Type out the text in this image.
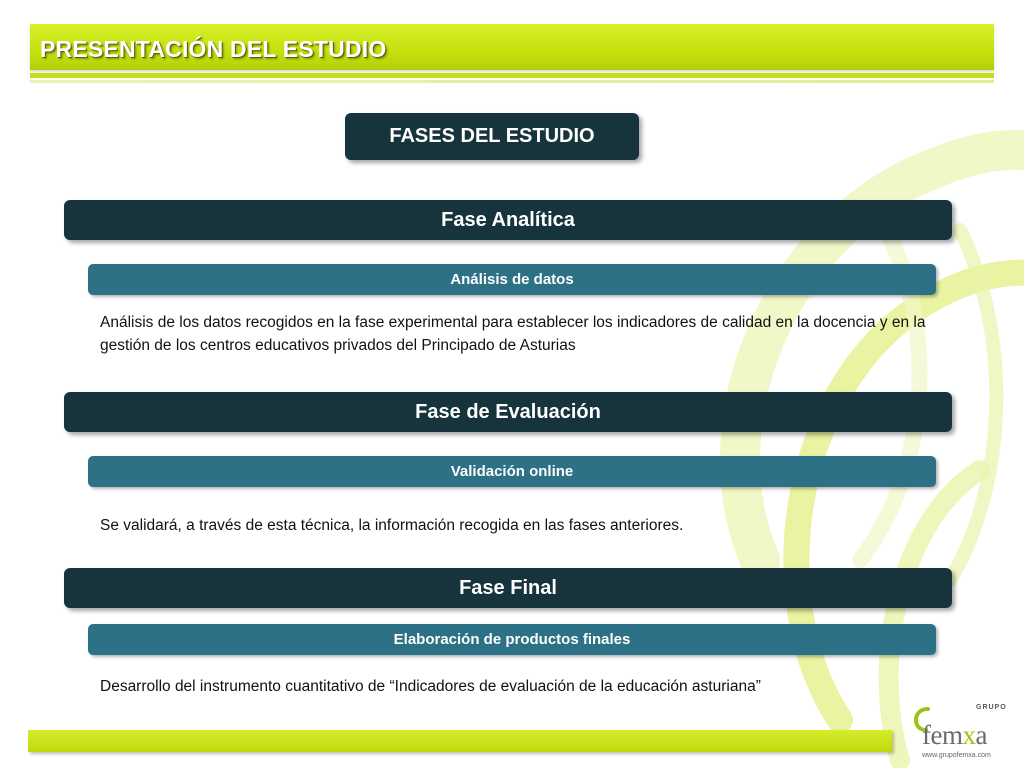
PRESENTACIÓN DEL ESTUDIO
FASES DEL ESTUDIO
Fase Analítica
Análisis de datos
Análisis de los datos recogidos en la fase experimental para establecer los indicadores de calidad en la docencia y en la gestión de los centros educativos privados del Principado de Asturias
Fase de Evaluación
Validación online
Se validará, a través de esta técnica, la información recogida en las fases anteriores.
Fase Final
Elaboración de productos finales
Desarrollo del instrumento cuantitativo de “Indicadores de evaluación de la educación asturiana”
GRUPO
femxa
www.grupofemxa.com
